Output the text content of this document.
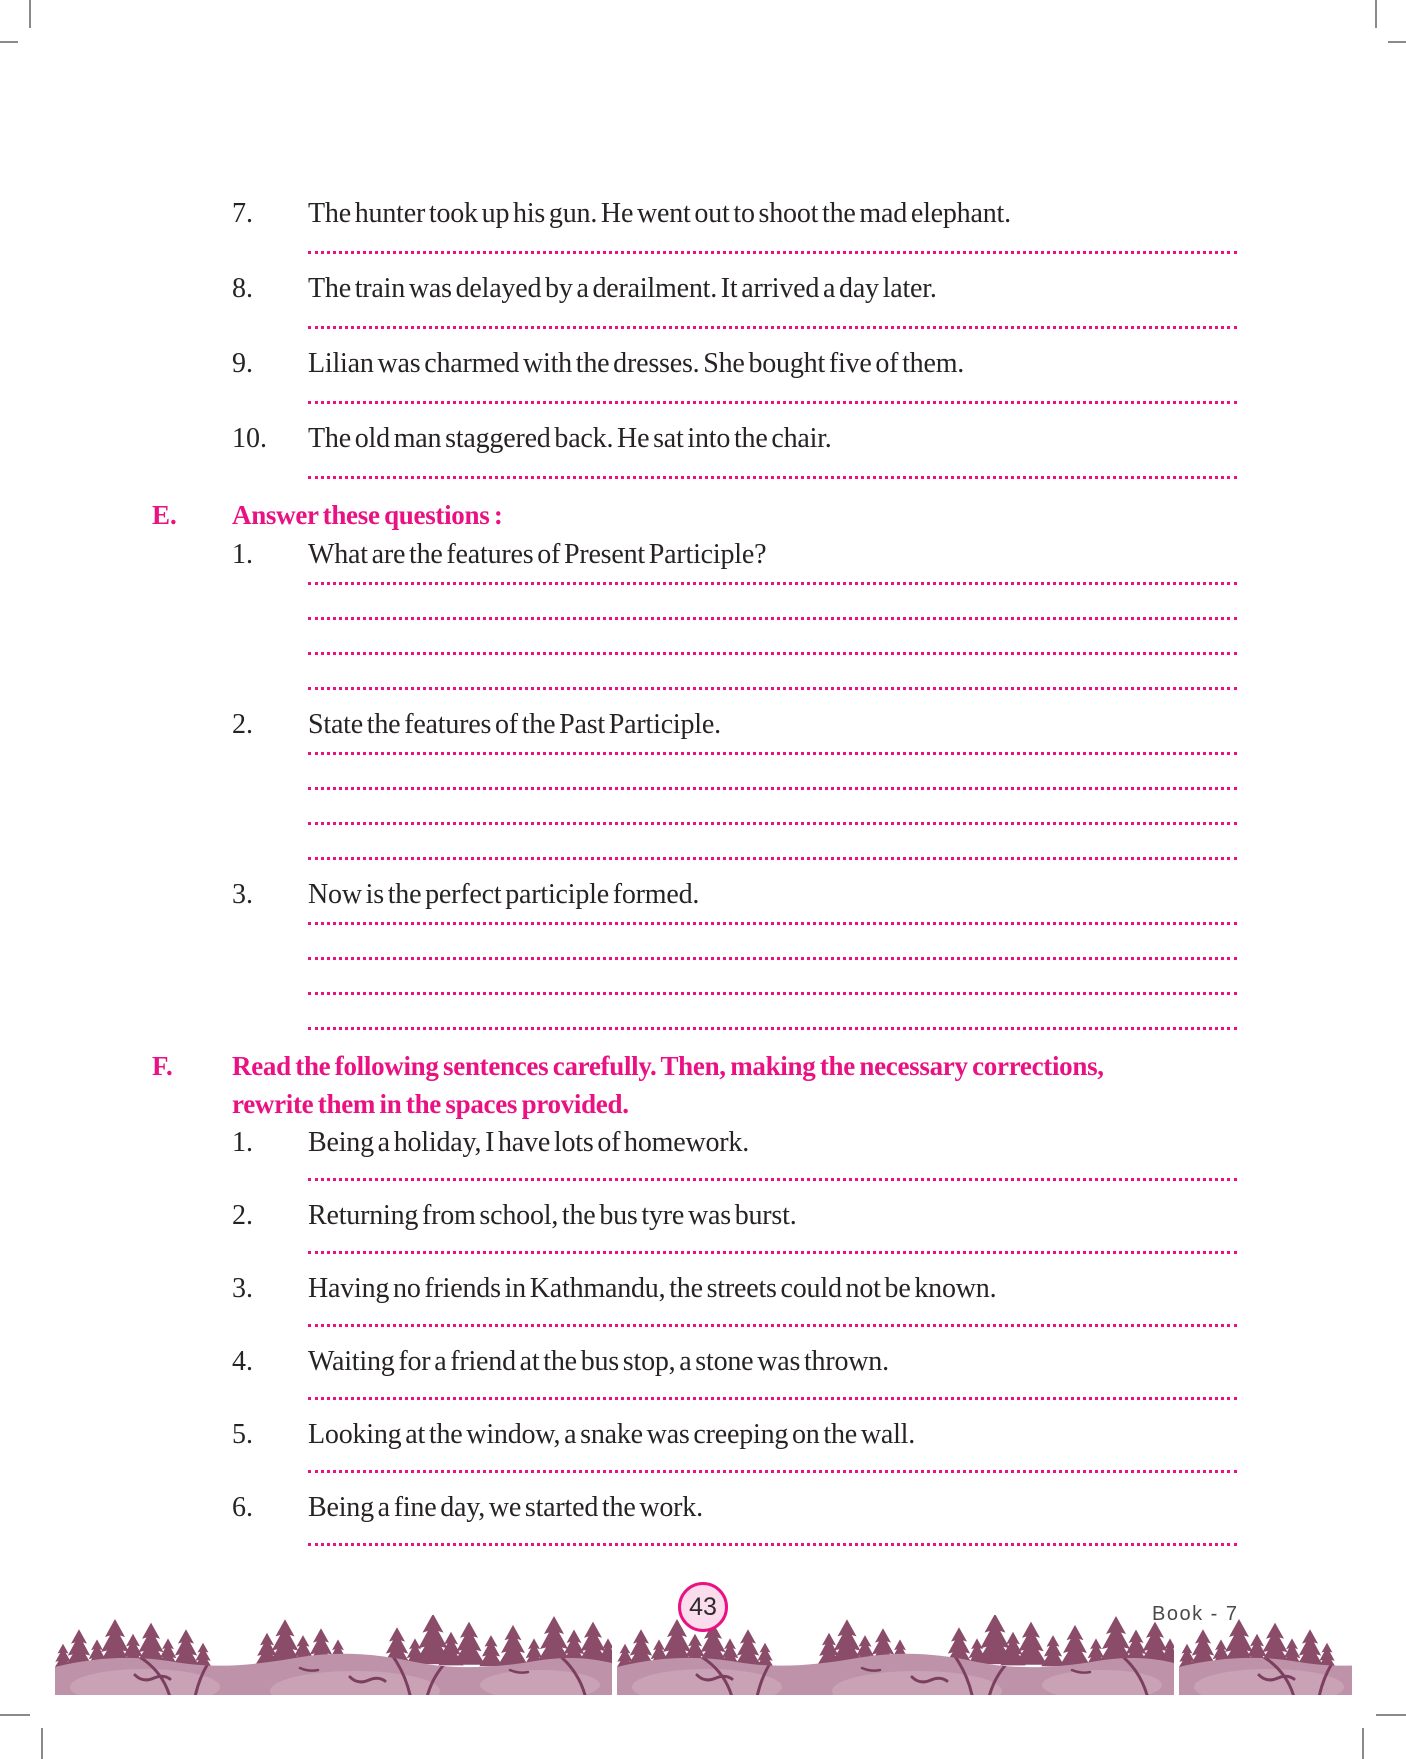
7. The hunter took up his gun. He went out to shoot the mad elephant.
8. The train was delayed by a derailment. It arrived a day later.
9. Lilian was charmed with the dresses. She bought five of them.
10. The old man staggered back. He sat into the chair.
E. Answer these questions :
1. What are the features of Present Participle?
2. State the features of the Past Participle.
3. Now is the perfect participle formed.
F. Read the following sentences carefully. Then, making the necessary corrections,
rewrite them in the spaces provided.
1. Being a holiday, I have lots of homework.
2. Returning from school, the bus tyre was burst.
3. Having no friends in Kathmandu, the streets could not be known.
4. Waiting for a friend at the bus stop, a stone was thrown.
5. Looking at the window, a snake was creeping on the wall.
6. Being a fine day, we started the work.
43	Book - 7
